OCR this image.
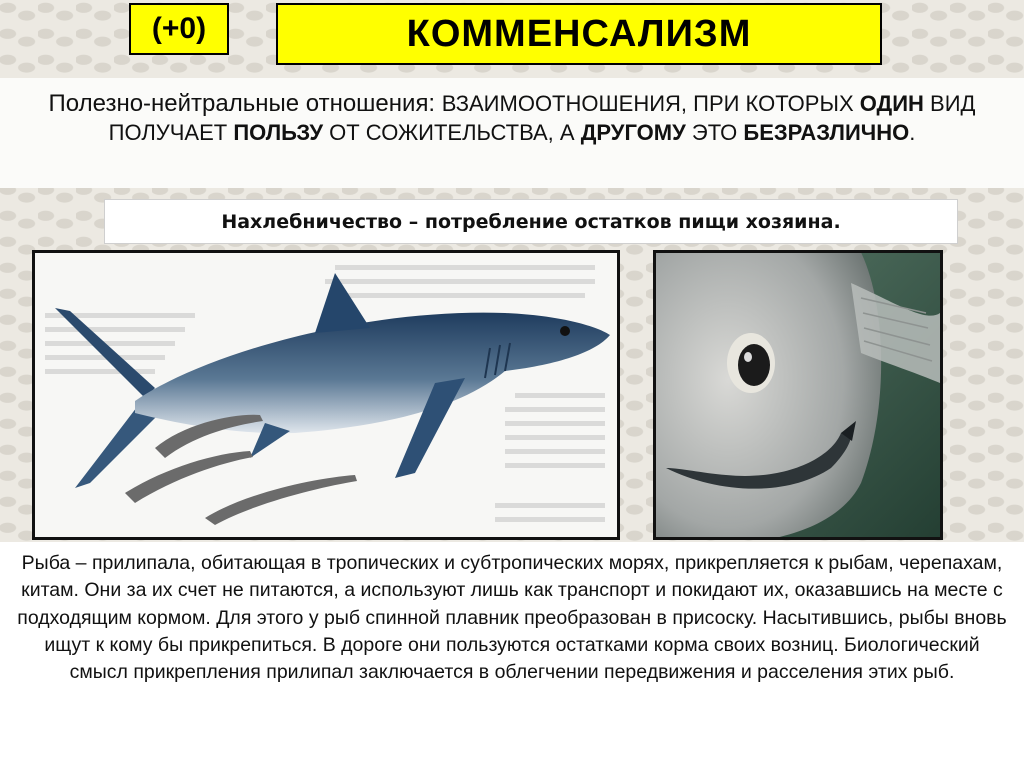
(+0)	КОММЕНСАЛИЗМ
Полезно-нейтральные отношения: ВЗАИМООТНОШЕНИЯ, ПРИ КОТОРЫХ ОДИН ВИД ПОЛУЧАЕТ ПОЛЬЗУ ОТ СОЖИТЕЛЬСТВА, А ДРУГОМУ ЭТО БЕЗРАЗЛИЧНО.
Нахлебничество – потребление остатков пищи хозяина.
Рыба – прилипала, обитающая в тропических и субтропических морях, прикрепляется к рыбам, черепахам, китам. Они за их счет не питаются, а используют лишь как транспорт и покидают их, оказавшись на месте с подходящим кормом. Для этого у рыб спинной плавник преобразован в присоску. Насытившись, рыбы вновь ищут к кому бы прикрепиться. В дороге они пользуются остатками корма своих возниц. Биологический смысл прикрепления прилипал заключается в облегчении передвижения и расселения этих рыб.
